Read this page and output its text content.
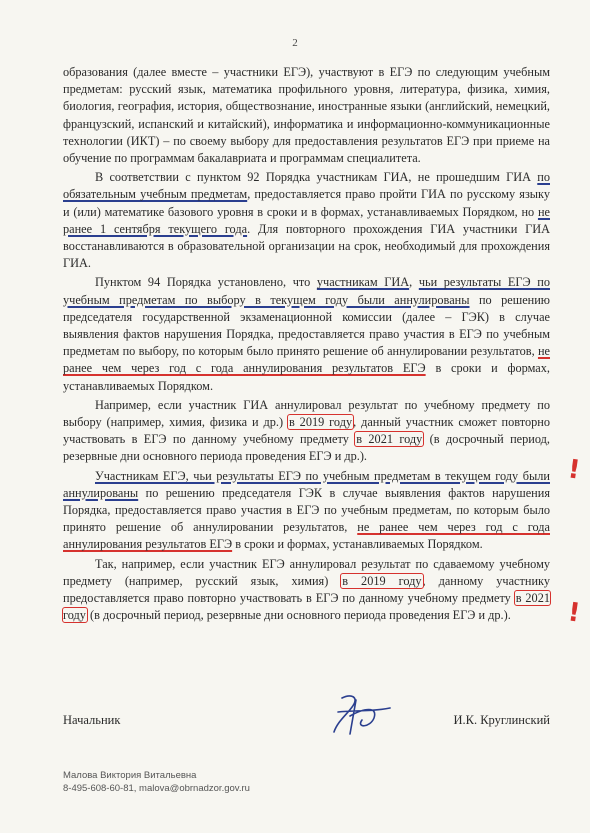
2

образования (далее вместе – участники ЕГЭ), участвуют в ЕГЭ по следующим учебным предметам: русский язык, математика профильного уровня, литература, физика, химия, биология, география, история, обществознание, иностранные языки (английский, немецкий, французский, испанский и китайский), информатика и информационно-коммуникационные технологии (ИКТ) – по своему выбору для предоставления результатов ЕГЭ при приеме на обучение по программам бакалавриата и программам специалитета.

В соответствии с пунктом 92 Порядка участникам ГИА, не прошедшим ГИА по обязательным учебным предметам, предоставляется право пройти ГИА по русскому языку и (или) математике базового уровня в сроки и в формах, устанавливаемых Порядком, но не ранее 1 сентября текущего года. Для повторного прохождения ГИА участники ГИА восстанавливаются в образовательной организации на срок, необходимый для прохождения ГИА.

Пунктом 94 Порядка установлено, что участникам ГИА, чьи результаты ЕГЭ по учебным предметам по выбору в текущем году были аннулированы по решению председателя государственной экзаменационной комиссии (далее – ГЭК) в случае выявления фактов нарушения Порядка, предоставляется право участия в ЕГЭ по учебным предметам по выбору, по которым было принято решение об аннулировании результатов, не ранее чем через год с года аннулирования результатов ЕГЭ в сроки и формах, устанавливаемых Порядком.

Например, если участник ГИА аннулировал результат по учебному предмету по выбору (например, химия, физика и др.) в 2019 году, данный участник сможет повторно участвовать в ЕГЭ по данному учебному предмету в 2021 году (в досрочный период, резервные дни основного периода проведения ЕГЭ и др.).

Участникам ЕГЭ, чьи результаты ЕГЭ по учебным предметам в текущем году были аннулированы по решению председателя ГЭК в случае выявления фактов нарушения Порядка, предоставляется право участия в ЕГЭ по учебным предметам, по которым было принято решение об аннулировании результатов, не ранее чем через год с года аннулирования результатов ЕГЭ в сроки и формах, устанавливаемых Порядком.

Так, например, если участник ЕГЭ аннулировал результат по сдаваемому учебному предмету (например, русский язык, химия) в 2019 году, данному участнику предоставляется право повторно участвовать в ЕГЭ по данному учебному предмету в 2021 году (в досрочный период, резервные дни основного периода проведения ЕГЭ и др.).

!
!
Начальник	И.К. Круглинский
Малова Виктория Витальевна
8-495-608-60-81, malova@obrnadzor.gov.ru
